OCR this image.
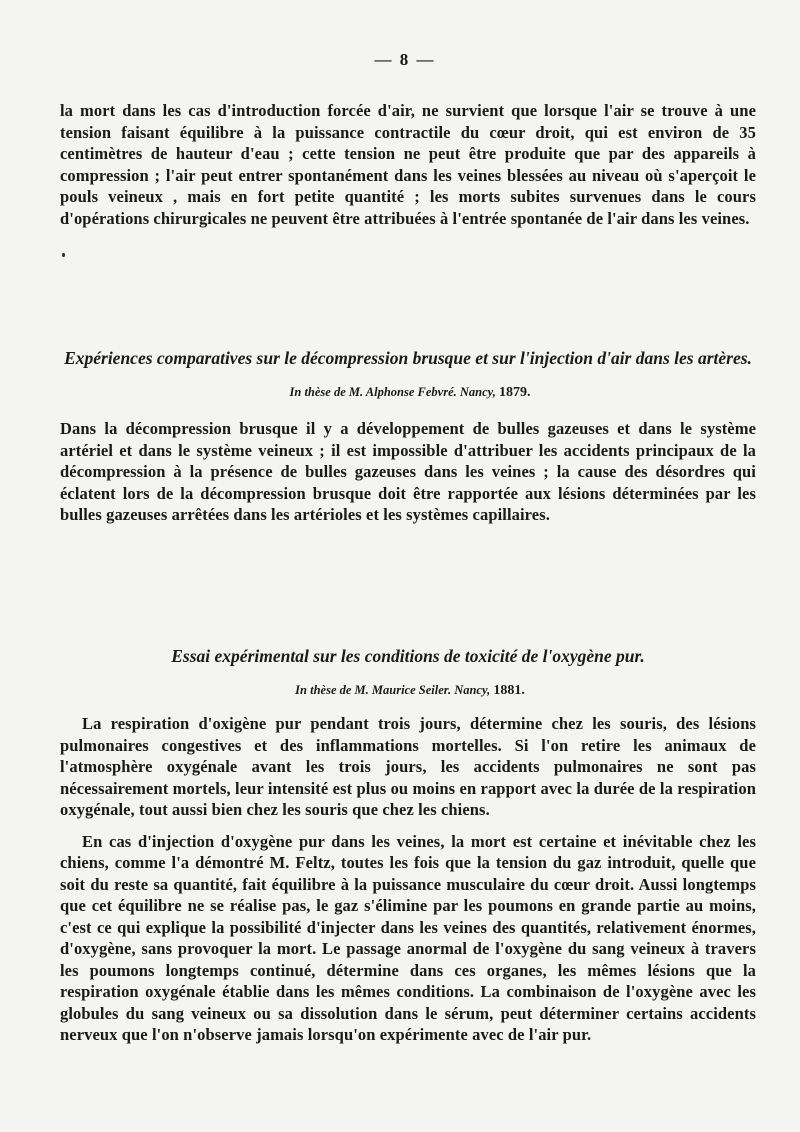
— 8 —

la mort dans les cas d'introduction forcée d'air, ne survient que lorsque l'air se trouve à une tension faisant équilibre à la puissance contractile du cœur droit, qui est environ de 35 centimètres de hauteur d'eau ; cette tension ne peut être produite que par des appareils à compression ; l'air peut entrer spontanément dans les veines blessées au niveau où s'aperçoit le pouls veineux , mais en fort petite quantité ; les morts subites survenues dans le cours d'opérations chirurgicales ne peuvent être attribuées à l'entrée spontanée de l'air dans les veines.

Expériences comparatives sur le décompression brusque et sur l'injection d'air dans les artères.
In thèse de M. Alphonse Febvré. Nancy, 1879.

Dans la décompression brusque il y a développement de bulles gazeuses et dans le système artériel et dans le système veineux ; il est impossible d'attribuer les accidents principaux de la décompression à la présence de bulles gazeuses dans les veines ; la cause des désordres qui éclatent lors de la décompression brusque doit être rapportée aux lésions déterminées par les bulles gazeuses arrêtées dans les artérioles et les systèmes capillaires.

Essai expérimental sur les conditions de toxicité de l'oxygène pur.
In thèse de M. Maurice Seiler. Nancy, 1881.

La respiration d'oxigène pur pendant trois jours, détermine chez les souris, des lésions pulmonaires congestives et des inflammations mortelles. Si l'on retire les animaux de l'atmosphère oxygénale avant les trois jours, les accidents pulmonaires ne sont pas nécessairement mortels, leur intensité est plus ou moins en rapport avec la durée de la respiration oxygénale, tout aussi bien chez les souris que chez les chiens.

En cas d'injection d'oxygène pur dans les veines, la mort est certaine et inévitable chez les chiens, comme l'a démontré M. Feltz, toutes les fois que la tension du gaz introduit, quelle que soit du reste sa quantité, fait équilibre à la puissance musculaire du cœur droit. Aussi longtemps que cet équilibre ne se réalise pas, le gaz s'élimine par les poumons en grande partie au moins, c'est ce qui explique la possibilité d'injecter dans les veines des quantités, relativement énormes, d'oxygène, sans provoquer la mort. Le passage anormal de l'oxygène du sang veineux à travers les poumons longtemps continué, détermine dans ces organes, les mêmes lésions que la respiration oxygénale établie dans les mêmes conditions. La combinaison de l'oxygène avec les globules du sang veineux ou sa dissolution dans le sérum, peut déterminer certains accidents nerveux que l'on n'observe jamais lorsqu'on expérimente avec de l'air pur.
